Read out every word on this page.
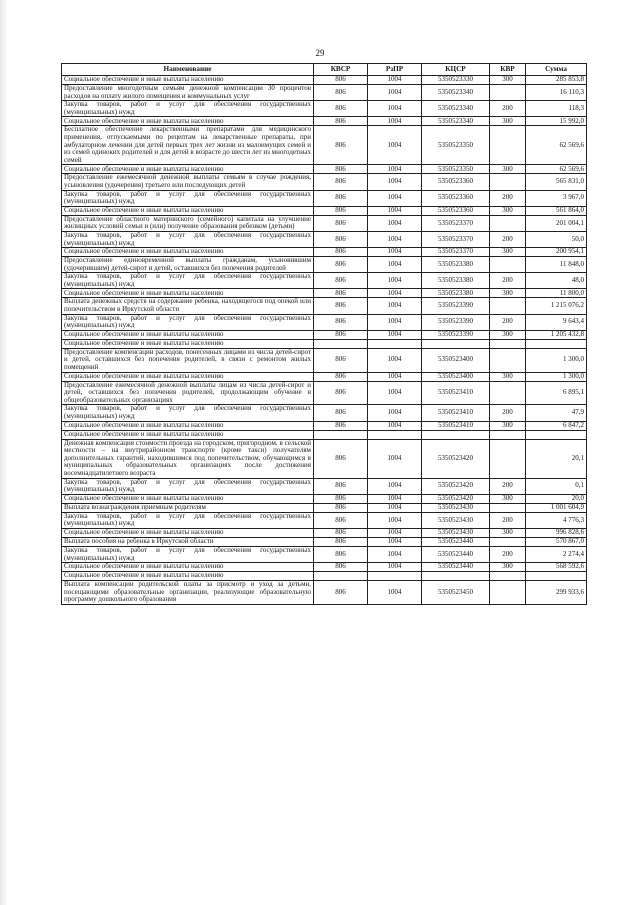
29
Наименование	КВСР	РзПР	КЦСР	КВР	Сумма
Социальное обеспечение и иные выплаты населению	806	1004	5350523330	300	285 853,8
Предоставление многодетным семьям денежной компенсации 30 процентов расходов на оплату жилого помещения и коммунальных услуг	806	1004	5350523340		16 110,3
Закупка товаров, работ и услуг для обеспечения государственных (муниципальных) нужд	806	1004	5350523340	200	118,3
Социальное обеспечение и иные выплаты населению	806	1004	5350523340	300	15 992,0
Бесплатное обеспечение лекарственными препаратами для медицинского применения, отпускаемыми по рецептам на лекарственные препараты, при амбулаторном лечении для детей первых трех лет жизни из малоимущих семей и из семей одиноких родителей и для детей в возрасте до шести лет из многодетных семей	806	1004	5350523350		62 569,6
Социальное обеспечение и иные выплаты населению	806	1004	5350523350	300	62 569,6
Предоставление ежемесячной денежной выплаты семьям в случае рождения, усыновления (удочерения) третьего или последующих детей	806	1004	5350523360		565 831,0
Закупка товаров, работ и услуг для обеспечения государственных (муниципальных) нужд	806	1004	5350523360	200	3 967,0
Социальное обеспечение и иные выплаты населению	806	1004	5350523360	300	561 864,0
Предоставление областного материнского (семейного) капитала на улучшение жилищных условий семьи и (или) получение образования ребенком (детьми)	806	1004	5350523370		201 004,1
Закупка товаров, работ и услуг для обеспечения государственных (муниципальных) нужд	806	1004	5350523370	200	50,0
Социальное обеспечение и иные выплаты населению	806	1004	5350523370	300	200 954,1
Предоставление единовременной выплаты гражданам, усыновившим (удочерившим) детей-сирот и детей, оставшихся без попечения родителей	806	1004	5350523380		11 848,0
Закупка товаров, работ и услуг для обеспечения государственных (муниципальных) нужд	806	1004	5350523380	200	48,0
Социальное обеспечение и иные выплаты населению	806	1004	5350523380	300	11 800,0
Выплата денежных средств на содержание ребенка, находящегося под опекой или попечительством в Иркутской области	806	1004	5350523390		1 215 076,2
Закупка товаров, работ и услуг для обеспечения государственных (муниципальных) нужд	806	1004	5350523390	200	9 643,4
Социальное обеспечение и иные выплаты населению	806	1004	5350523390	300	1 205 432,8
Социальное обеспечение и иные выплаты населению					
Предоставление компенсации расходов, понесенных лицами из числа детей-сирот и детей, оставшихся без попечения родителей, в связи с ремонтом жилых помещений	806	1004	5350523400		1 300,0
Социальное обеспечение и иные выплаты населению	806	1004	5350523400	300	1 300,0
Предоставление ежемесячной денежной выплаты лицам из числа детей-сирот и детей, оставшихся без попечения родителей, продолжающим обучение в общеобразовательных организациях	806	1004	5350523410		6 895,1
Закупка товаров, работ и услуг для обеспечения государственных (муниципальных) нужд	806	1004	5350523410	200	47,9
Социальное обеспечение и иные выплаты населению	806	1004	5350523410	300	6 847,2
Социальное обеспечение и иные выплаты населению					
Денежная компенсация стоимости проезда на городском, пригородном, в сельской местности – на внутрирайонном транспорте (кроме такси) получателям дополнительных гарантий, находившимся под попечительством, обучающимся в муниципальных образовательных организациях после достижения восемнадцатилетнего возраста	806	1004	5350523420		20,1
Закупка товаров, работ и услуг для обеспечения государственных (муниципальных) нужд	806	1004	5350523420	200	0,1
Социальное обеспечение и иные выплаты населению	806	1004	5350523420	300	20,0
Выплата вознаграждения приемным родителям	806	1004	5350523430		1 001 604,9
Закупка товаров, работ и услуг для обеспечения государственных (муниципальных) нужд	806	1004	5350523430	200	4 776,3
Социальное обеспечение и иные выплаты населению	806	1004	5350523430	300	996 828,6
Выплата пособия на ребенка в Иркутской области	806	1004	5350523440		570 867,0
Закупка товаров, работ и услуг для обеспечения государственных (муниципальных) нужд	806	1004	5350523440	200	2 274,4
Социальное обеспечение и иные выплаты населению	806	1004	5350523440	300	568 592,6
Социальное обеспечение и иные выплаты населению					
Выплата компенсации родительской платы за присмотр и уход за детьми, посещающими образовательные организации, реализующие образовательную программу дошкольного образования	806	1004	5350523450		299 933,6
